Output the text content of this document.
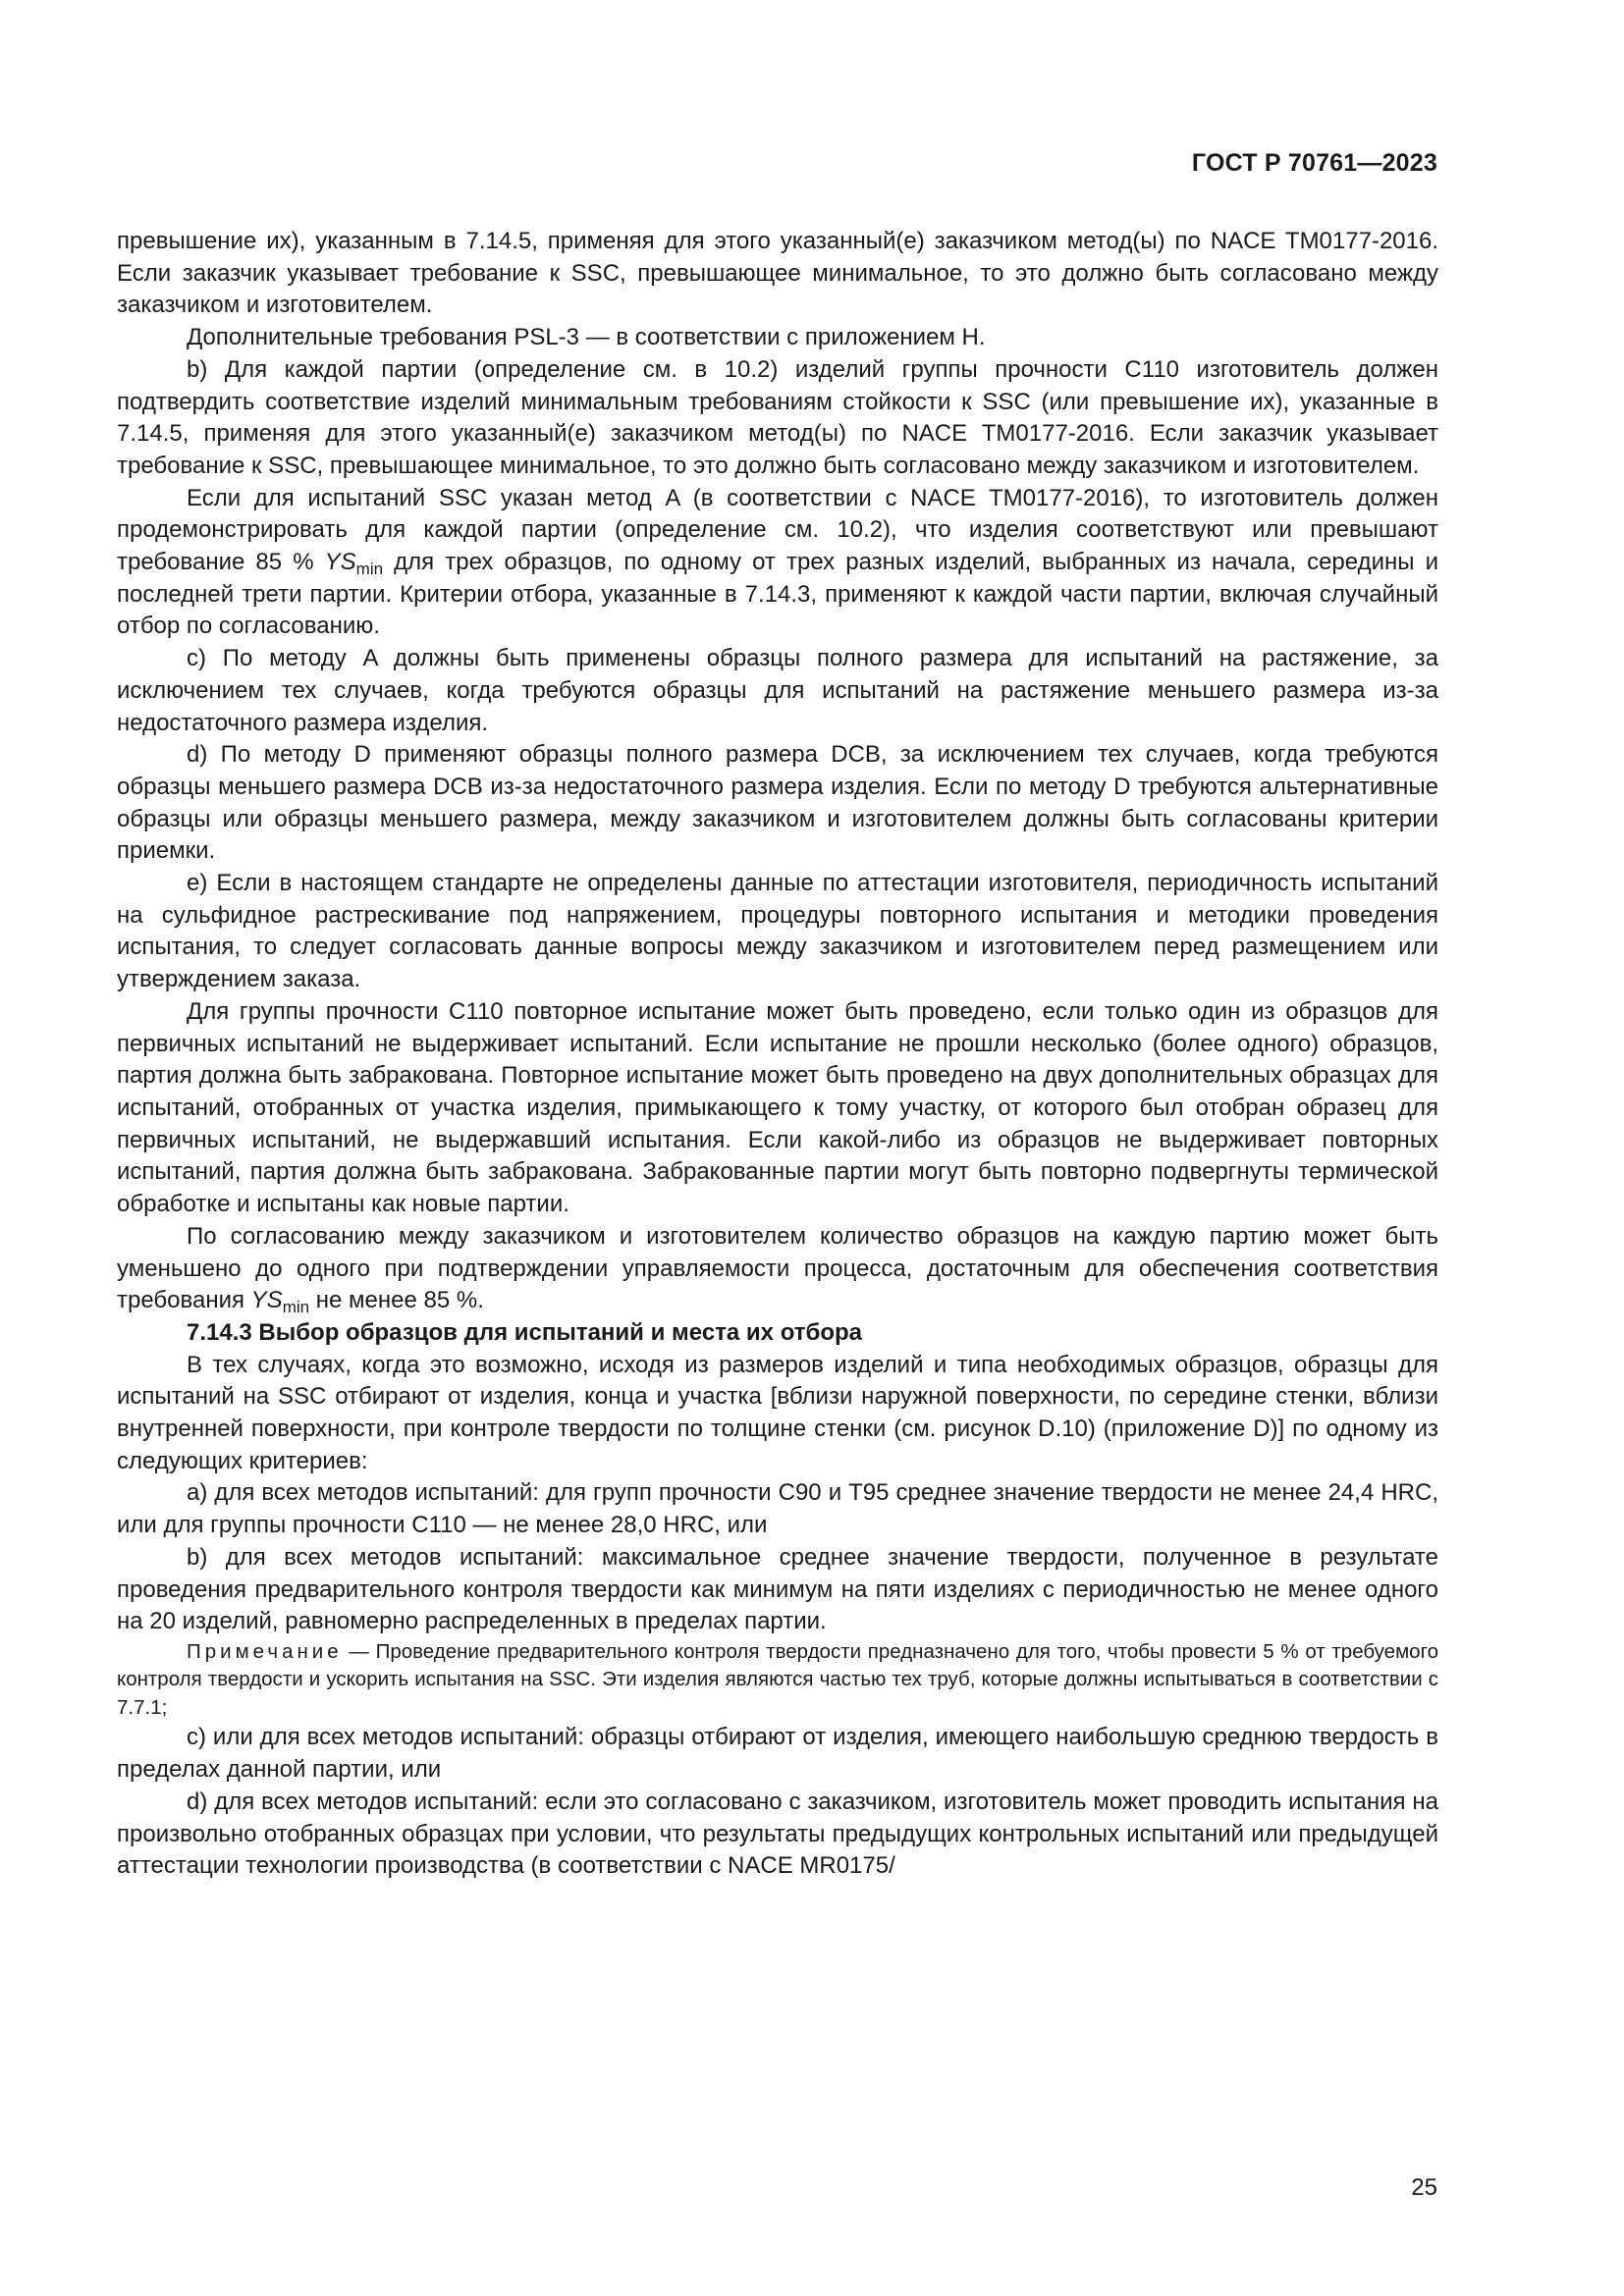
ГОСТ Р 70761—2023

превышение их), указанным в 7.14.5, применяя для этого указанный(е) заказчиком метод(ы) по NACE TM0177-2016. Если заказчик указывает требование к SSC, превышающее минимальное, то это должно быть согласовано между заказчиком и изготовителем.

Дополнительные требования PSL-3 — в соответствии с приложением H.

b) Для каждой партии (определение см. в 10.2) изделий группы прочности C110 изготовитель должен подтвердить соответствие изделий минимальным требованиям стойкости к SSC (или превышение их), указанные в 7.14.5, применяя для этого указанный(е) заказчиком метод(ы) по NACE TM0177-2016. Если заказчик указывает требование к SSC, превышающее минимальное, то это должно быть согласовано между заказчиком и изготовителем.

Если для испытаний SSC указан метод A (в соответствии с NACE TM0177-2016), то изготовитель должен продемонстрировать для каждой партии (определение см. 10.2), что изделия соответствуют или превышают требование 85 % $YS_{min}$ для трех образцов, по одному от трех разных изделий, выбранных из начала, середины и последней трети партии. Критерии отбора, указанные в 7.14.3, применяют к каждой части партии, включая случайный отбор по согласованию.

c) По методу A должны быть применены образцы полного размера для испытаний на растяжение, за исключением тех случаев, когда требуются образцы для испытаний на растяжение меньшего размера из-за недостаточного размера изделия.

d) По методу D применяют образцы полного размера DCB, за исключением тех случаев, когда требуются образцы меньшего размера DCB из-за недостаточного размера изделия. Если по методу D требуются альтернативные образцы или образцы меньшего размера, между заказчиком и изготовителем должны быть согласованы критерии приемки.

e) Если в настоящем стандарте не определены данные по аттестации изготовителя, периодичность испытаний на сульфидное растрескивание под напряжением, процедуры повторного испытания и методики проведения испытания, то следует согласовать данные вопросы между заказчиком и изготовителем перед размещением или утверждением заказа.

Для группы прочности C110 повторное испытание может быть проведено, если только один из образцов для первичных испытаний не выдерживает испытаний. Если испытание не прошли несколько (более одного) образцов, партия должна быть забракована. Повторное испытание может быть проведено на двух дополнительных образцах для испытаний, отобранных от участка изделия, примыкающего к тому участку, от которого был отобран образец для первичных испытаний, не выдержавший испытания. Если какой-либо из образцов не выдерживает повторных испытаний, партия должна быть забракована. Забракованные партии могут быть повторно подвергнуты термической обработке и испытаны как новые партии.

По согласованию между заказчиком и изготовителем количество образцов на каждую партию может быть уменьшено до одного при подтверждении управляемости процесса, достаточным для обеспечения соответствия требования $YS_{min}$ не менее 85 %.

7.14.3 Выбор образцов для испытаний и места их отбора

В тех случаях, когда это возможно, исходя из размеров изделий и типа необходимых образцов, образцы для испытаний на SSC отбирают от изделия, конца и участка [вблизи наружной поверхности, по середине стенки, вблизи внутренней поверхности, при контроле твердости по толщине стенки (см. рисунок D.10) (приложение D)] по одному из следующих критериев:

a) для всех методов испытаний: для групп прочности C90 и T95 среднее значение твердости не менее 24,4 HRC, или для группы прочности C110 — не менее 28,0 HRC, или

b) для всех методов испытаний: максимальное среднее значение твердости, полученное в результате проведения предварительного контроля твердости как минимум на пяти изделиях с периодичностью не менее одного на 20 изделий, равномерно распределенных в пределах партии.

Примечание — Проведение предварительного контроля твердости предназначено для того, чтобы провести 5 % от требуемого контроля твердости и ускорить испытания на SSC. Эти изделия являются частью тех труб, которые должны испытываться в соответствии с 7.7.1;

c) или для всех методов испытаний: образцы отбирают от изделия, имеющего наибольшую среднюю твердость в пределах данной партии, или

d) для всех методов испытаний: если это согласовано с заказчиком, изготовитель может проводить испытания на произвольно отобранных образцах при условии, что результаты предыдущих контрольных испытаний или предыдущей аттестации технологии производства (в соответствии с NACE MR0175/

25
